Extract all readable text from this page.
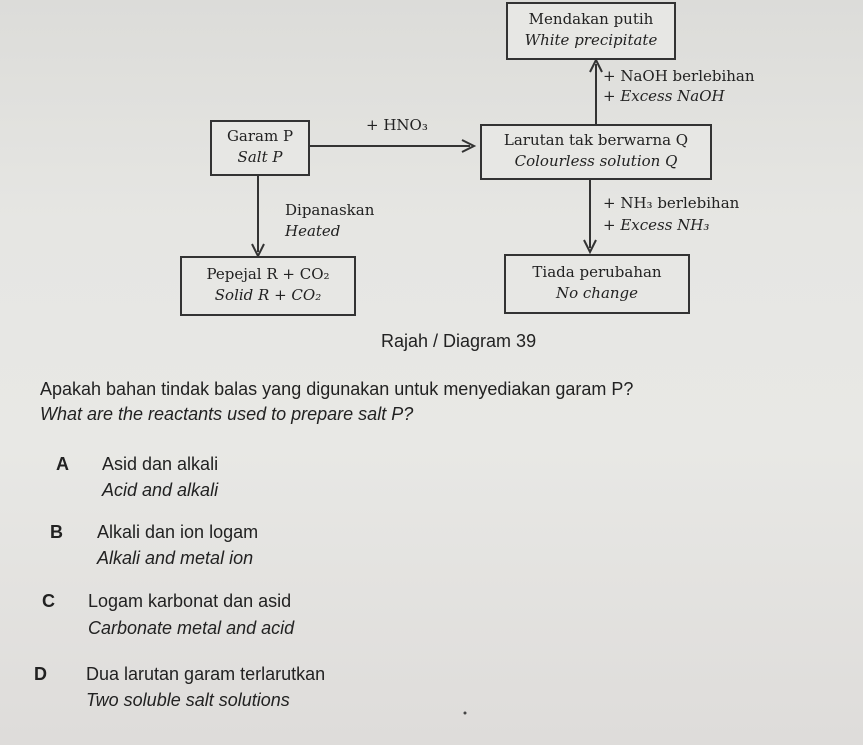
Mendakan putih
White precipitate
Garam P
Salt P
Larutan tak berwarna Q
Colourless solution Q
Pepejal R + CO₂
Solid R + CO₂
Tiada perubahan
No change
+ NaOH berlebihan
+ Excess NaOH
+ HNO₃
Dipanaskan
Heated
+ NH₃ berlebihan
+ Excess NH₃
Rajah / Diagram 39
Apakah bahan tindak balas yang digunakan untuk menyediakan garam P?
What are the reactants used to prepare salt P?
A Asid dan alkali
Acid and alkali
B Alkali dan ion logam
Alkali and metal ion
C Logam karbonat dan asid
Carbonate metal and acid
D Dua larutan garam terlarutkan
Two soluble salt solutions
